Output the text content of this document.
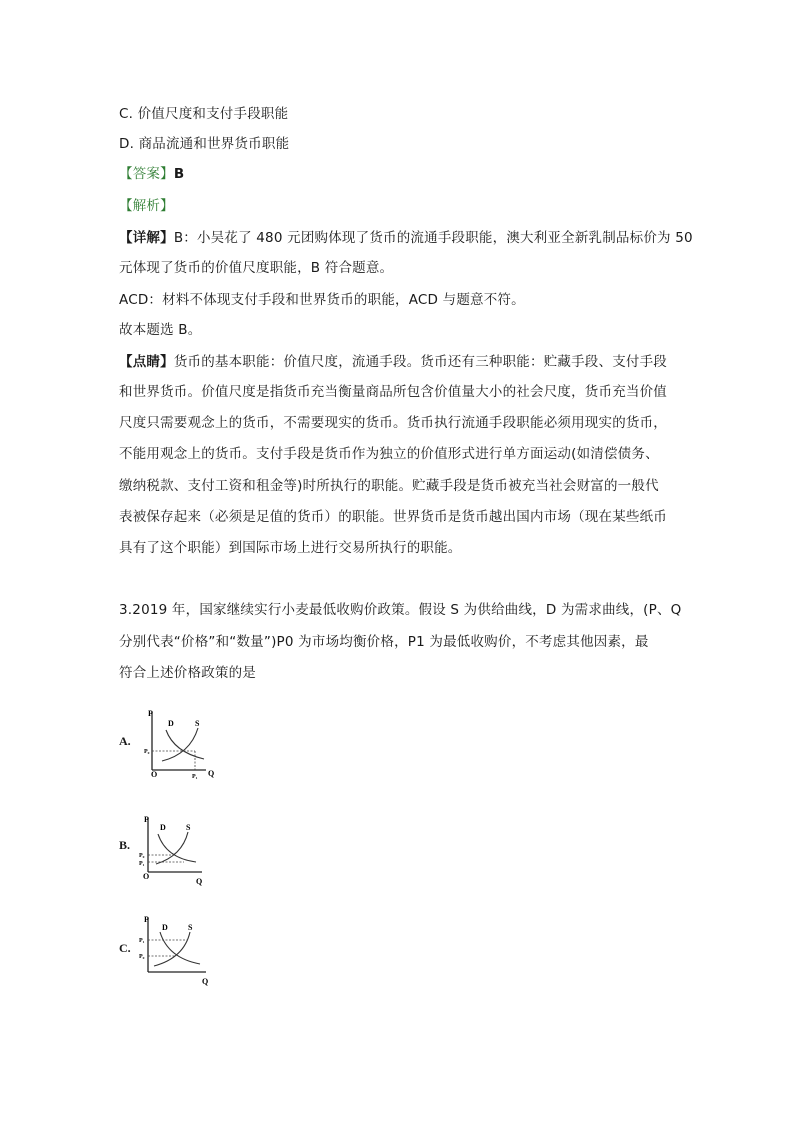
C. 价值尺度和支付手段职能
D. 商品流通和世界货币职能
【答案】B
【解析】
【详解】B：小吴花了 480 元团购体现了货币的流通手段职能，澳大利亚全新乳制品标价为 50
元体现了货币的价值尺度职能，B 符合题意。
ACD：材料不体现支付手段和世界货币的职能，ACD 与题意不符。
故本题选 B。
【点睛】货币的基本职能：价值尺度，流通手段。货币还有三种职能：贮藏手段、支付手段
和世界货币。价值尺度是指货币充当衡量商品所包含价值量大小的社会尺度，货币充当价值
尺度只需要观念上的货币，不需要现实的货币。货币执行流通手段职能必须用现实的货币，
不能用观念上的货币。支付手段是货币作为独立的价值形式进行单方面运动(如清偿债务、
缴纳税款、支付工资和租金等)时所执行的职能。贮藏手段是货币被充当社会财富的一般代
表被保存起来（必须是足值的货币）的职能。世界货币是货币越出国内市场（现在某些纸币
具有了这个职能）到国际市场上进行交易所执行的职能。
3.2019 年，国家继续实行小麦最低收购价政策。假设 S 为供给曲线，D 为需求曲线，(P、Q
分别代表“价格”和“数量”)P0 为市场均衡价格，P1 为最低收购价，不考虑其他因素，最
符合上述价格政策的是
A.
P
Q
O
D	S
P₀
P₁
B.
P
Q
O
D	S
P₀
P₁
C.
P
Q
D	S
P₁
P₀
